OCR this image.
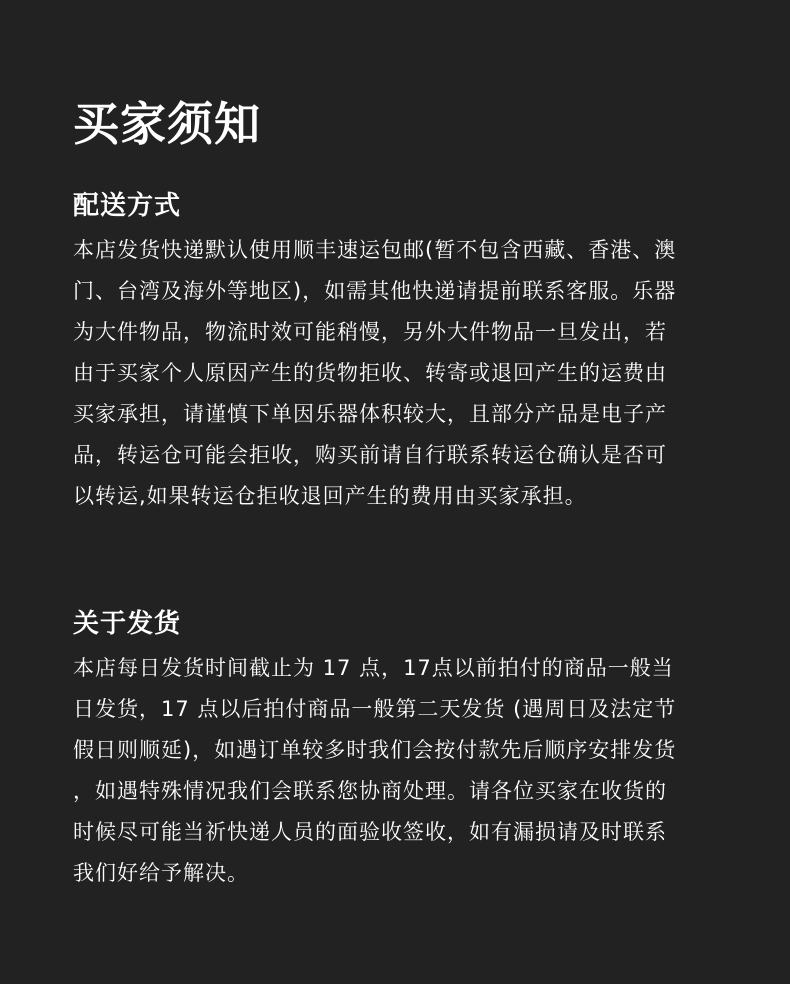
买家须知
配送方式
本店发货快递默认使用顺丰速运包邮(暂不包含西藏、香港、澳
门、台湾及海外等地区)，如需其他快递请提前联系客服。乐器
为大件物品，物流时效可能稍慢，另外大件物品一旦发出，若
由于买家个人原因产生的货物拒收、转寄或退回产生的运费由
买家承担，请谨慎下单因乐器体积较大，且部分产品是电子产
品，转运仓可能会拒收，购买前请自行联系转运仓确认是否可
以转运,如果转运仓拒收退回产生的费用由买家承担。
关于发货
本店每日发货时间截止为 17 点，17点以前拍付的商品一般当
日发货，17 点以后拍付商品一般第二天发货 (遇周日及法定节
假日则顺延)，如遇订单较多时我们会按付款先后顺序安排发货
，如遇特殊情况我们会联系您协商处理。请各位买家在收货的
时候尽可能当祈快递人员的面验收签收，如有漏损请及时联系
我们好给予解决。
